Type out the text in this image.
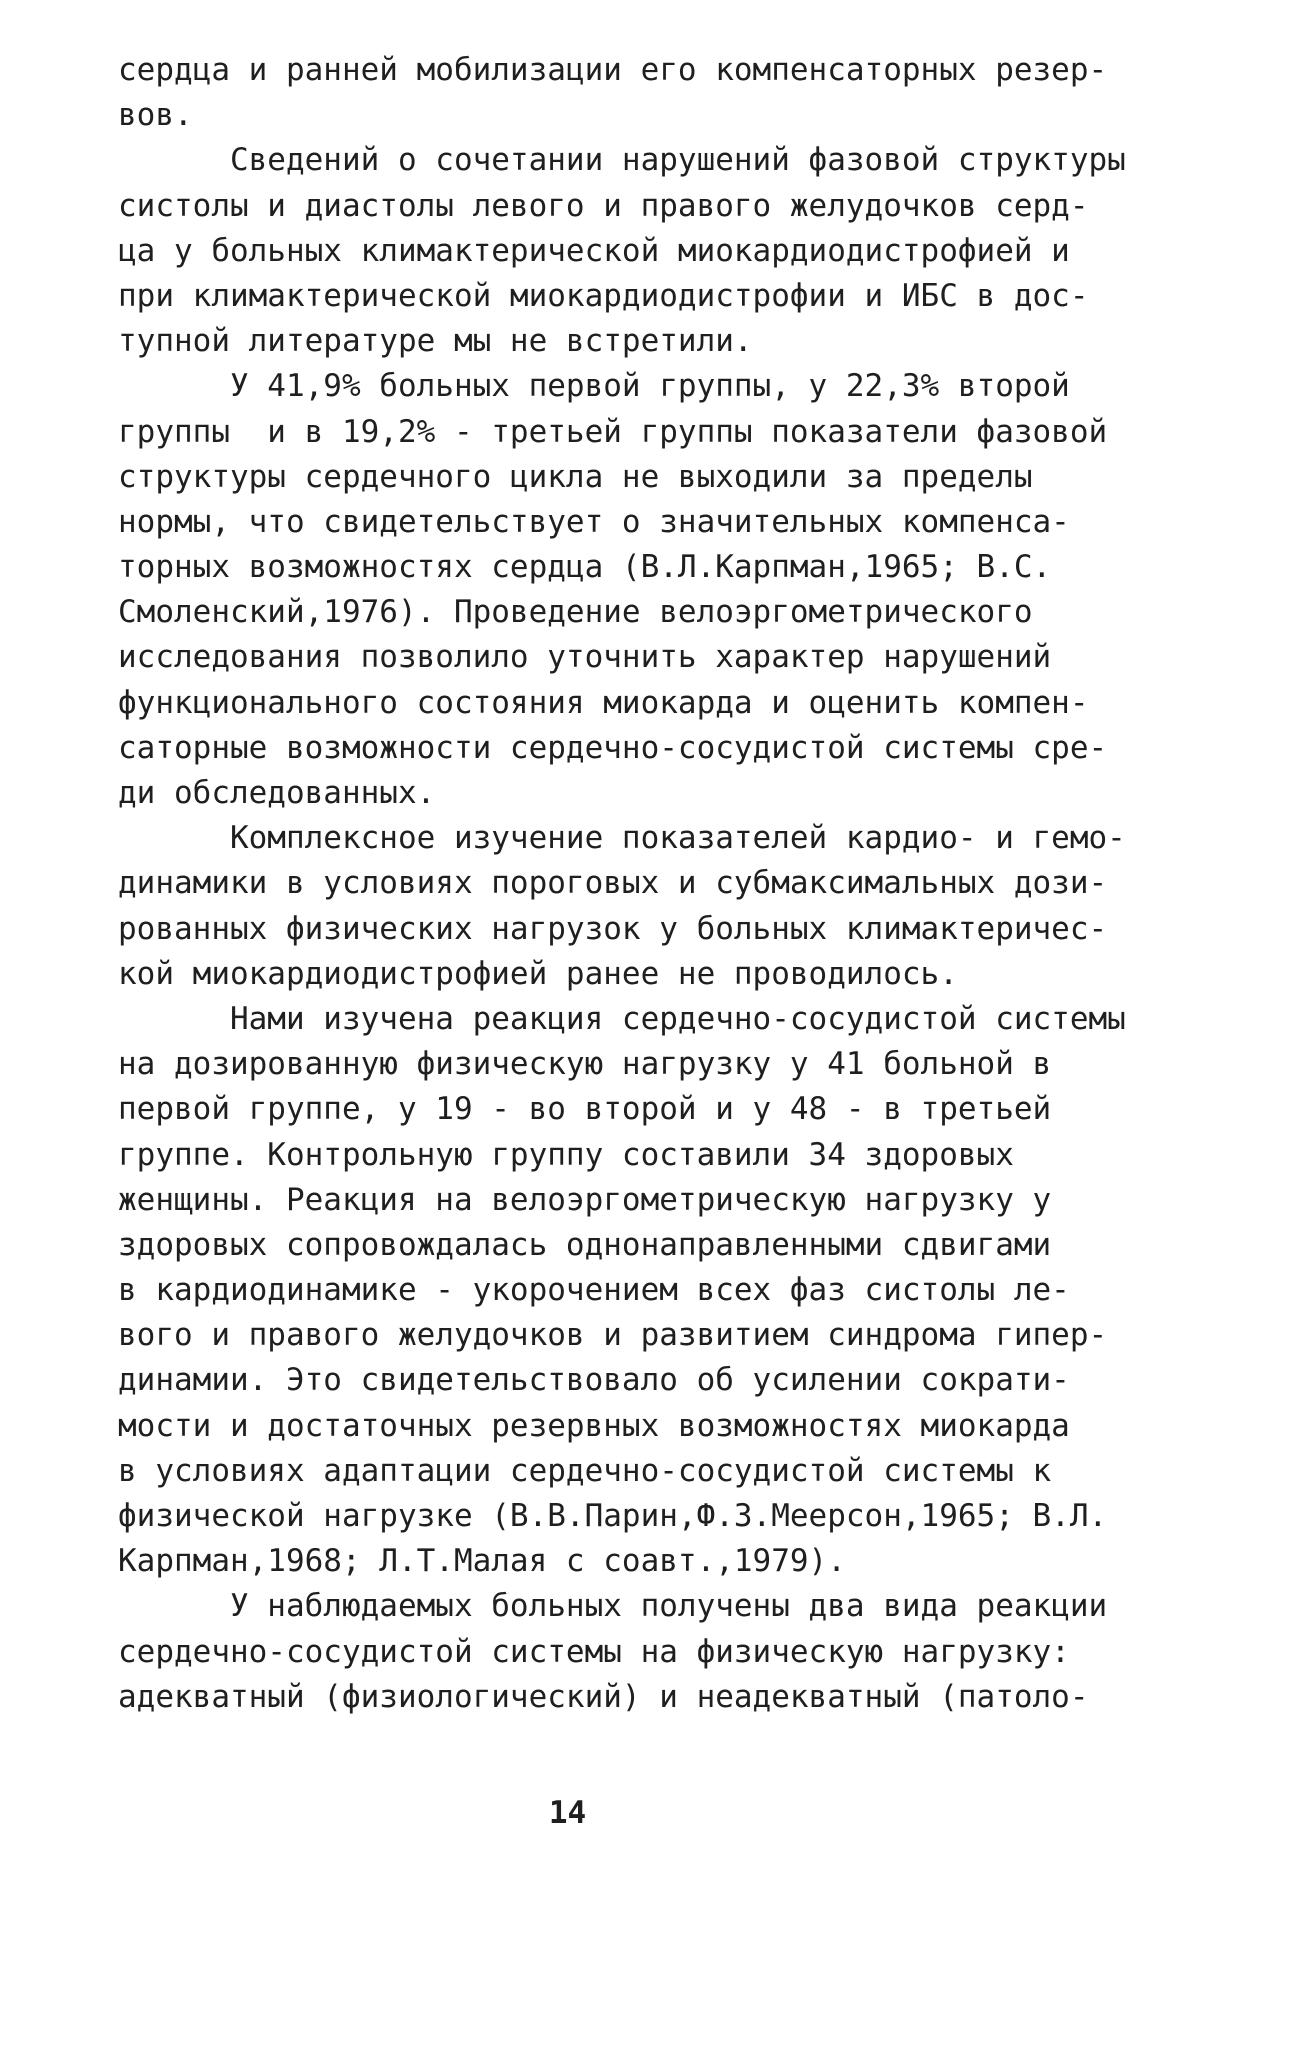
сердца и ранней мобилизации его компенсаторных резер-
вов.
Сведений о сочетании нарушений фазовой структуры
систолы и диастолы левого и правого желудочков серд-
ца у больных климактерической миокардиодистрофией и
при климактерической миокардиодистрофии и ИБС в дос-
тупной литературе мы не встретили.
У 41,9% больных первой группы, у 22,3% второй
группы  и в 19,2% - третьей группы показатели фазовой
структуры сердечного цикла не выходили за пределы
нормы, что свидетельствует о значительных компенса-
торных возможностях сердца (В.Л.Карпман,1965; В.С.
Смоленский,1976). Проведение велоэргометрического
исследования позволило уточнить характер нарушений
функционального состояния миокарда и оценить компен-
саторные возможности сердечно-сосудистой системы сре-
ди обследованных.
Комплексное изучение показателей кардио- и гемо-
динамики в условиях пороговых и субмаксимальных дози-
рованных физических нагрузок у больных климактеричес-
кой миокардиодистрофией ранее не проводилось.
Нами изучена реакция сердечно-сосудистой системы
на дозированную физическую нагрузку у 41 больной в
первой группе, у 19 - во второй и у 48 - в третьей
группе. Контрольную группу составили 34 здоровых
женщины. Реакция на велоэргометрическую нагрузку у
здоровых сопровождалась однонаправленными сдвигами
в кардиодинамике - укорочением всех фаз систолы ле-
вого и правого желудочков и развитием синдрома гипер-
динамии. Это свидетельствовало об усилении сократи-
мости и достаточных резервных возможностях миокарда
в условиях адаптации сердечно-сосудистой системы к
физической нагрузке (В.В.Парин,Ф.З.Меерсон,1965; В.Л.
Карпман,1968; Л.Т.Малая с соавт.,1979).
У наблюдаемых больных получены два вида реакции
сердечно-сосудистой системы на физическую нагрузку:
адекватный (физиологический) и неадекватный (патоло-
14
